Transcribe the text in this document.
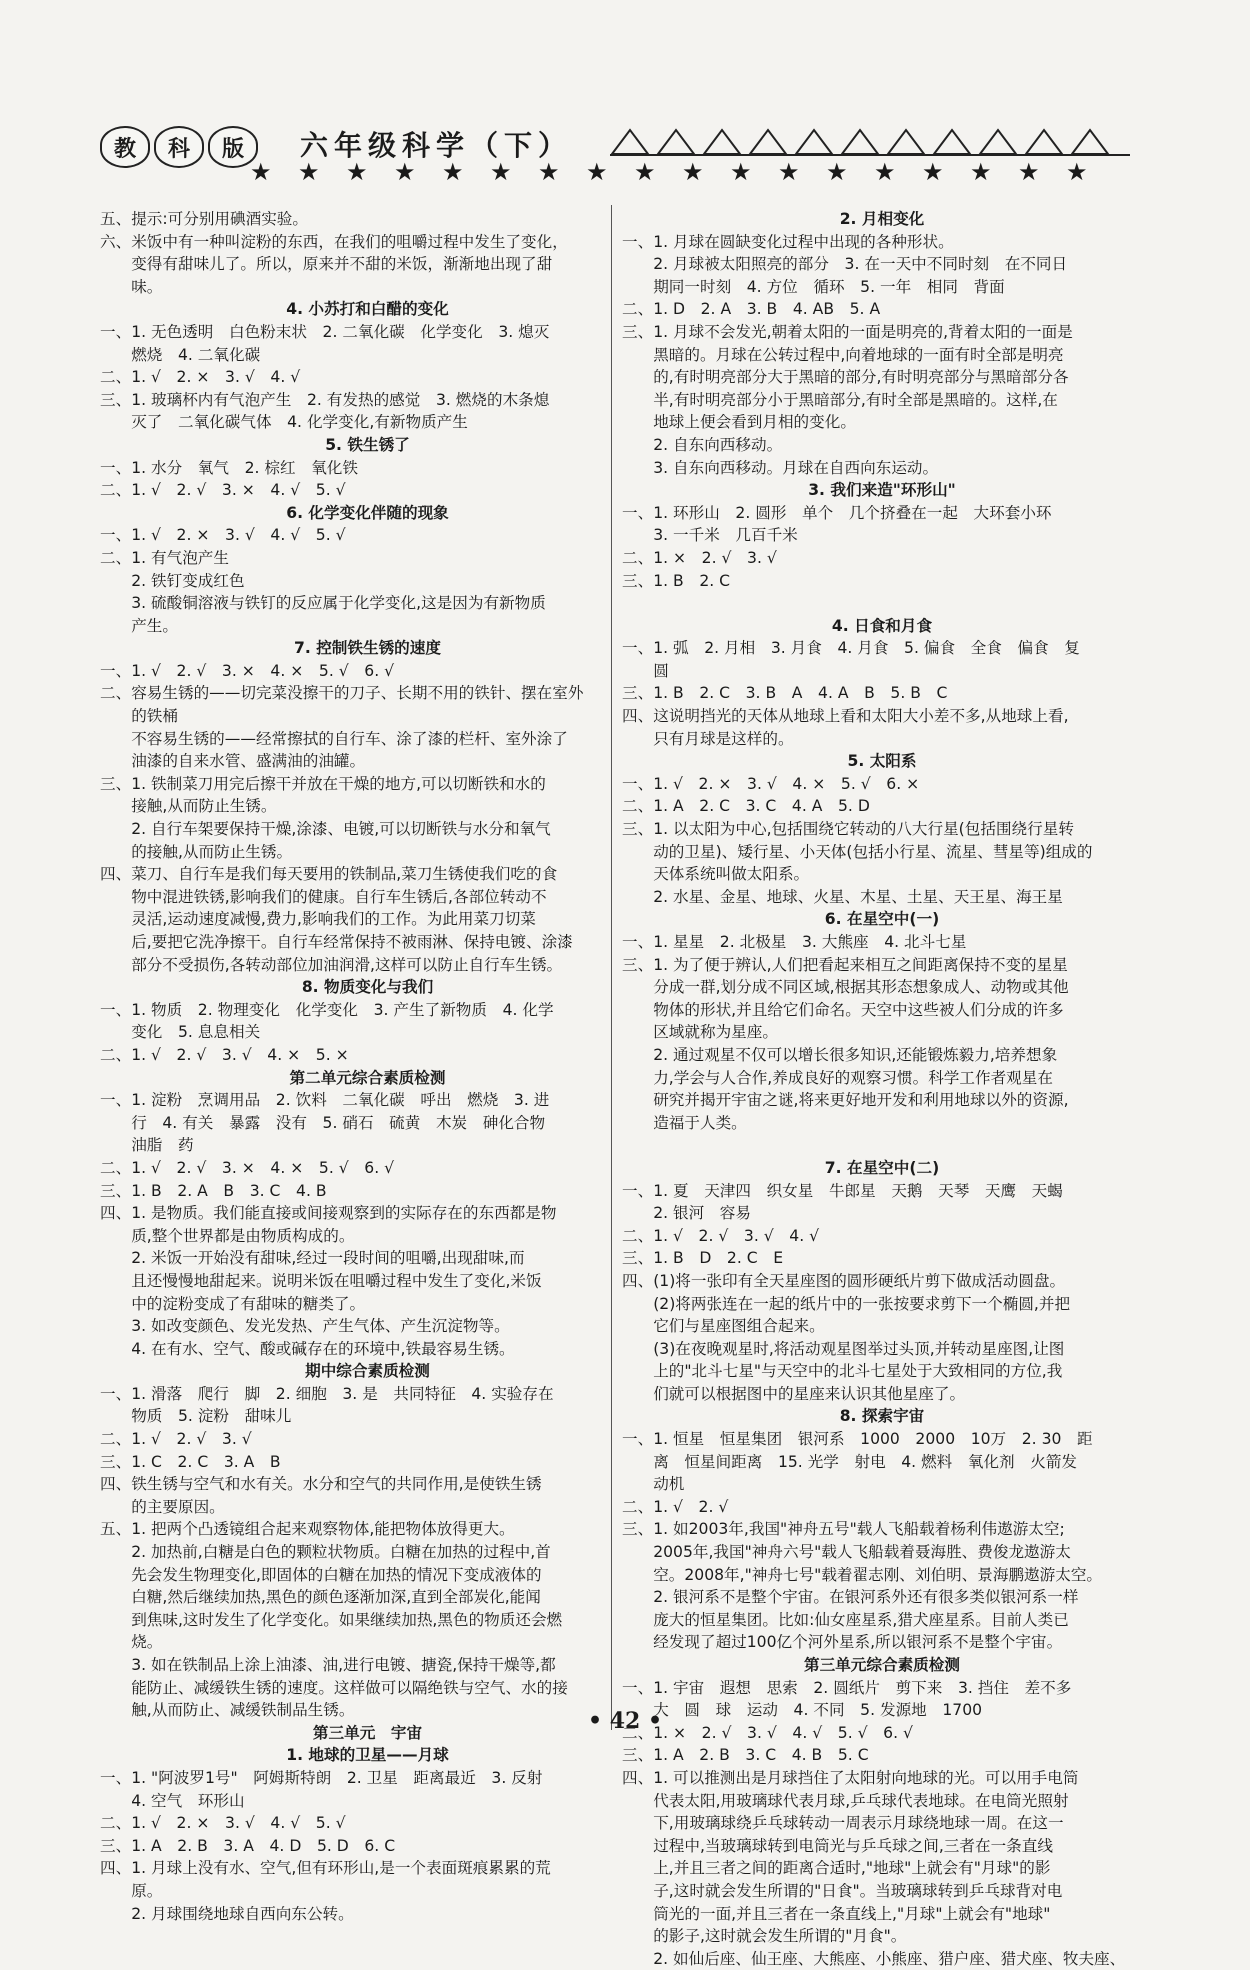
教	科	版	六年级科学（下）
★ ★ ★ ★ ★ ★ ★ ★ ★ ★ ★ ★ ★ ★ ★ ★ ★ ★
五、提示:可分别用碘酒实验。
六、米饭中有一种叫淀粉的东西，在我们的咀嚼过程中发生了变化，
　　变得有甜味儿了。所以，原来并不甜的米饭，渐渐地出现了甜
　　味。
4. 小苏打和白醋的变化
一、1. 无色透明　白色粉末状　2. 二氧化碳　化学变化　3. 熄灭
　　燃烧　4. 二氧化碳
二、1. √　2. ×　3. √　4. √
三、1. 玻璃杯内有气泡产生　2. 有发热的感觉　3. 燃烧的木条熄
　　灭了　二氧化碳气体　4. 化学变化,有新物质产生
5. 铁生锈了
一、1. 水分　氧气　2. 棕红　氧化铁
二、1. √　2. √　3. ×　4. √　5. √
6. 化学变化伴随的现象
一、1. √　2. ×　3. √　4. √　5. √
二、1. 有气泡产生
　　2. 铁钉变成红色
　　3. 硫酸铜溶液与铁钉的反应属于化学变化,这是因为有新物质
　　产生。
7. 控制铁生锈的速度
一、1. √　2. √　3. ×　4. ×　5. √　6. √
二、容易生锈的——切完菜没擦干的刀子、长期不用的铁针、摆在室外
　　的铁桶
　　不容易生锈的——经常擦拭的自行车、涂了漆的栏杆、室外涂了
　　油漆的自来水管、盛满油的油罐。
三、1. 铁制菜刀用完后擦干并放在干燥的地方,可以切断铁和水的
　　接触,从而防止生锈。
　　2. 自行车架要保持干燥,涂漆、电镀,可以切断铁与水分和氧气
　　的接触,从而防止生锈。
四、菜刀、自行车是我们每天要用的铁制品,菜刀生锈使我们吃的食
　　物中混进铁锈,影响我们的健康。自行车生锈后,各部位转动不
　　灵活,运动速度减慢,费力,影响我们的工作。为此用菜刀切菜
　　后,要把它洗净擦干。自行车经常保持不被雨淋、保持电镀、涂漆
　　部分不受损伤,各转动部位加油润滑,这样可以防止自行车生锈。
8. 物质变化与我们
一、1. 物质　2. 物理变化　化学变化　3. 产生了新物质　4. 化学
　　变化　5. 息息相关
二、1. √　2. √　3. √　4. ×　5. ×
第二单元综合素质检测
一、1. 淀粉　烹调用品　2. 饮料　二氧化碳　呼出　燃烧　3. 进
　　行　4. 有关　暴露　没有　5. 硝石　硫黄　木炭　砷化合物
　　油脂　药
二、1. √　2. √　3. ×　4. ×　5. √　6. √
三、1. B　2. A　B　3. C　4. B
四、1. 是物质。我们能直接或间接观察到的实际存在的东西都是物
　　质,整个世界都是由物质构成的。
　　2. 米饭一开始没有甜味,经过一段时间的咀嚼,出现甜味,而
　　且还慢慢地甜起来。说明米饭在咀嚼过程中发生了变化,米饭
　　中的淀粉变成了有甜味的糖类了。
　　3. 如改变颜色、发光发热、产生气体、产生沉淀物等。
　　4. 在有水、空气、酸或碱存在的环境中,铁最容易生锈。
期中综合素质检测
一、1. 滑落　爬行　脚　2. 细胞　3. 是　共同特征　4. 实验存在
　　物质　5. 淀粉　甜味儿
二、1. √　2. √　3. √
三、1. C　2. C　3. A　B
四、铁生锈与空气和水有关。水分和空气的共同作用,是使铁生锈
　　的主要原因。
五、1. 把两个凸透镜组合起来观察物体,能把物体放得更大。
　　2. 加热前,白糖是白色的颗粒状物质。白糖在加热的过程中,首
　　先会发生物理变化,即固体的白糖在加热的情况下变成液体的
　　白糖,然后继续加热,黑色的颜色逐渐加深,直到全部炭化,能闻
　　到焦味,这时发生了化学变化。如果继续加热,黑色的物质还会燃
　　烧。
　　3. 如在铁制品上涂上油漆、油,进行电镀、搪瓷,保持干燥等,都
　　能防止、减缓铁生锈的速度。这样做可以隔绝铁与空气、水的接
　　触,从而防止、减缓铁制品生锈。
第三单元　宇宙
1. 地球的卫星——月球
一、1. "阿波罗1号"　阿姆斯特朗　2. 卫星　距离最近　3. 反射
　　4. 空气　环形山
二、1. √　2. ×　3. √　4. √　5. √
三、1. A　2. B　3. A　4. D　5. D　6. C
四、1. 月球上没有水、空气,但有环形山,是一个表面斑痕累累的荒
　　原。
　　2. 月球围绕地球自西向东公转。
2. 月相变化
一、1. 月球在圆缺变化过程中出现的各种形状。
　　2. 月球被太阳照亮的部分　3. 在一天中不同时刻　在不同日
　　期同一时刻　4. 方位　循环　5. 一年　相同　背面
二、1. D　2. A　3. B　4. AB　5. A
三、1. 月球不会发光,朝着太阳的一面是明亮的,背着太阳的一面是
　　黑暗的。月球在公转过程中,向着地球的一面有时全部是明亮
　　的,有时明亮部分大于黑暗的部分,有时明亮部分与黑暗部分各
　　半,有时明亮部分小于黑暗部分,有时全部是黑暗的。这样,在
　　地球上便会看到月相的变化。
　　2. 自东向西移动。
　　3. 自东向西移动。月球在自西向东运动。
3. 我们来造"环形山"
一、1. 环形山　2. 圆形　单个　几个挤叠在一起　大环套小环
　　3. 一千米　几百千米
二、1. ×　2. √　3. √
三、1. B　2. C

4. 日食和月食
一、1. 弧　2. 月相　3. 月食　4. 月食　5. 偏食　全食　偏食　复
　　圆
三、1. B　2. C　3. B　A　4. A　B　5. B　C
四、这说明挡光的天体从地球上看和太阳大小差不多,从地球上看,
　　只有月球是这样的。
5. 太阳系
一、1. √　2. ×　3. √　4. ×　5. √　6. ×
二、1. A　2. C　3. C　4. A　5. D
三、1. 以太阳为中心,包括围绕它转动的八大行星(包括围绕行星转
　　动的卫星)、矮行星、小天体(包括小行星、流星、彗星等)组成的
　　天体系统叫做太阳系。
　　2. 水星、金星、地球、火星、木星、土星、天王星、海王星
6. 在星空中(一)
一、1. 星星　2. 北极星　3. 大熊座　4. 北斗七星
三、1. 为了便于辨认,人们把看起来相互之间距离保持不变的星星
　　分成一群,划分成不同区域,根据其形态想象成人、动物或其他
　　物体的形状,并且给它们命名。天空中这些被人们分成的许多
　　区域就称为星座。
　　2. 通过观星不仅可以增长很多知识,还能锻炼毅力,培养想象
　　力,学会与人合作,养成良好的观察习惯。科学工作者观星在
　　研究并揭开宇宙之谜,将来更好地开发和利用地球以外的资源,
　　造福于人类。

7. 在星空中(二)
一、1. 夏　天津四　织女星　牛郎星　天鹅　天琴　天鹰　天蝎
　　2. 银河　容易
二、1. √　2. √　3. √　4. √
三、1. B　D　2. C　E
四、(1)将一张印有全天星座图的圆形硬纸片剪下做成活动圆盘。
　　(2)将两张连在一起的纸片中的一张按要求剪下一个椭圆,并把
　　它们与星座图组合起来。
　　(3)在夜晚观星时,将活动观星图举过头顶,并转动星座图,让图
　　上的"北斗七星"与天空中的北斗七星处于大致相同的方位,我
　　们就可以根据图中的星座来认识其他星座了。
8. 探索宇宙
一、1. 恒星　恒星集团　银河系　1000　2000　10万　2. 30　距
　　离　恒星间距离　15. 光学　射电　4. 燃料　氧化剂　火箭发
　　动机
二、1. √　2. √
三、1. 如2003年,我国"神舟五号"载人飞船载着杨利伟遨游太空;
　　2005年,我国"神舟六号"载人飞船载着聂海胜、费俊龙遨游太
　　空。2008年,"神舟七号"载着翟志刚、刘伯明、景海鹏遨游太空。
　　2. 银河系不是整个宇宙。在银河系外还有很多类似银河系一样
　　庞大的恒星集团。比如:仙女座星系,猎犬座星系。目前人类已
　　经发现了超过100亿个河外星系,所以银河系不是整个宇宙。
第三单元综合素质检测
一、1. 宇宙　遐想　思索　2. 圆纸片　剪下来　3. 挡住　差不多
　　大　圆　球　运动　4. 不同　5. 发源地　1700
二、1. ×　2. √　3. √　4. √　5. √　6. √
三、1. A　2. B　3. C　4. B　5. C
四、1. 可以推测出是月球挡住了太阳射向地球的光。可以用手电筒
　　代表太阳,用玻璃球代表月球,乒乓球代表地球。在电筒光照射
　　下,用玻璃球绕乒乓球转动一周表示月球绕地球一周。在这一
　　过程中,当玻璃球转到电筒光与乒乓球之间,三者在一条直线
　　上,并且三者之间的距离合适时,"地球"上就会有"月球"的影
　　子,这时就会发生所谓的"日食"。当玻璃球转到乒乓球背对电
　　筒光的一面,并且三者在一条直线上,"月球"上就会有"地球"
　　的影子,这时就会发生所谓的"月食"。
　　2. 如仙后座、仙王座、大熊座、小熊座、猎户座、猎犬座、牧夫座、
• 42 •
